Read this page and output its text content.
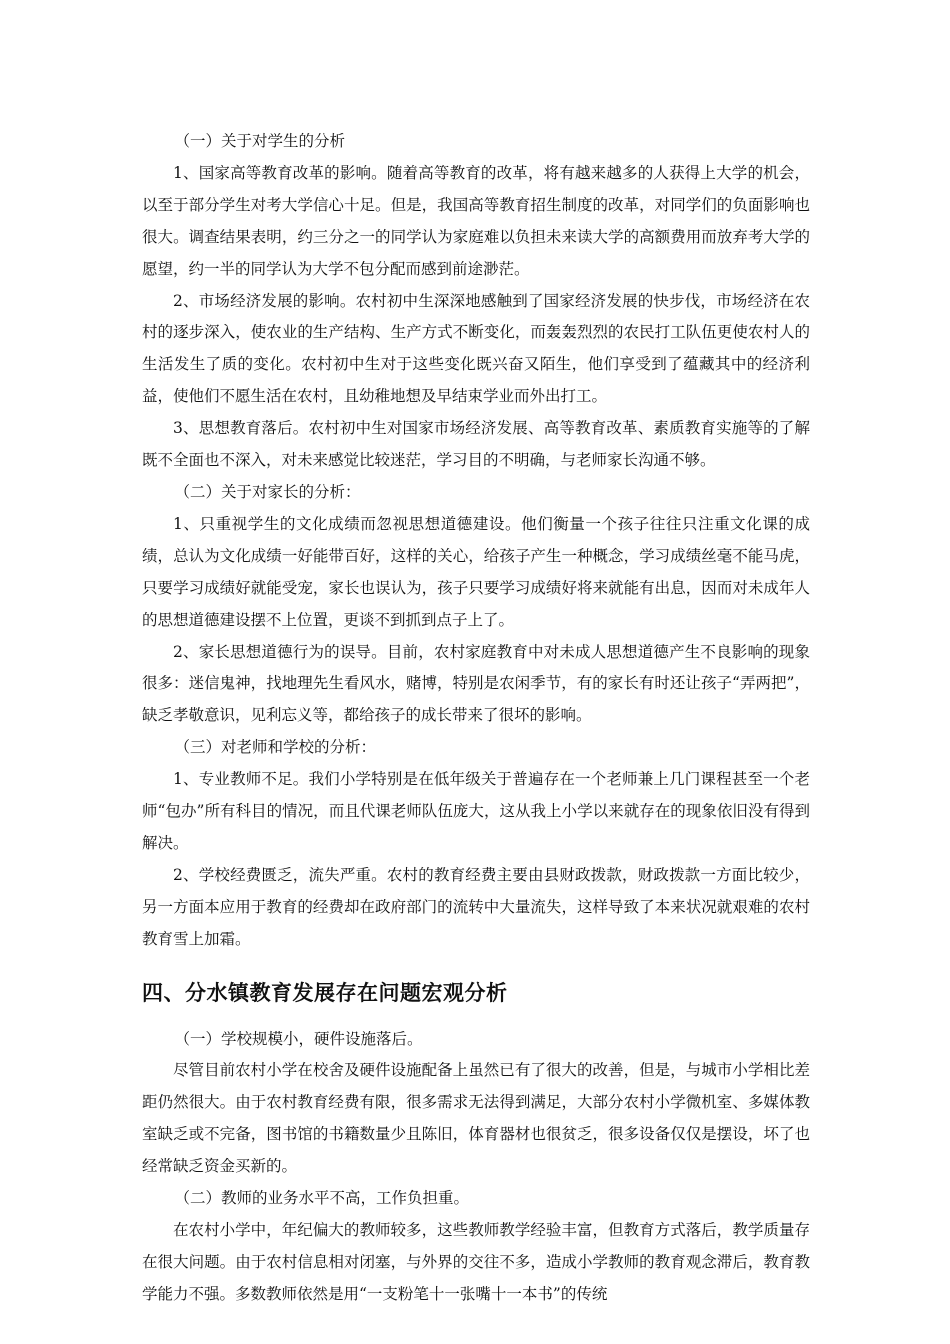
（一）关于对学生的分析

1、国家高等教育改革的影响。随着高等教育的改革，将有越来越多的人获得上大学的机会，以至于部分学生对考大学信心十足。但是，我国高等教育招生制度的改革，对同学们的负面影响也很大。调查结果表明，约三分之一的同学认为家庭难以负担未来读大学的高额费用而放弃考大学的愿望，约一半的同学认为大学不包分配而感到前途渺茫。

2、市场经济发展的影响。农村初中生深深地感触到了国家经济发展的快步伐，市场经济在农村的逐步深入，使农业的生产结构、生产方式不断变化，而轰轰烈烈的农民打工队伍更使农村人的生活发生了质的变化。农村初中生对于这些变化既兴奋又陌生，他们享受到了蕴藏其中的经济利益，使他们不愿生活在农村，且幼稚地想及早结束学业而外出打工。

3、思想教育落后。农村初中生对国家市场经济发展、高等教育改革、素质教育实施等的了解既不全面也不深入，对未来感觉比较迷茫，学习目的不明确，与老师家长沟通不够。

（二）关于对家长的分析：

1、只重视学生的文化成绩而忽视思想道德建设。他们衡量一个孩子往往只注重文化课的成绩，总认为文化成绩一好能带百好，这样的关心，给孩子产生一种概念，学习成绩丝毫不能马虎，只要学习成绩好就能受宠，家长也误认为，孩子只要学习成绩好将来就能有出息，因而对未成年人的思想道德建设摆不上位置，更谈不到抓到点子上了。

2、家长思想道德行为的误导。目前，农村家庭教育中对未成人思想道德产生不良影响的现象很多：迷信鬼神，找地理先生看风水，赌博，特别是农闲季节，有的家长有时还让孩子“弄两把”，缺乏孝敬意识，见利忘义等，都给孩子的成长带来了很坏的影响。

（三）对老师和学校的分析：

1、专业教师不足。我们小学特别是在低年级关于普遍存在一个老师兼上几门课程甚至一个老师“包办”所有科目的情况，而且代课老师队伍庞大，这从我上小学以来就存在的现象依旧没有得到解决。

2、学校经费匮乏，流失严重。农村的教育经费主要由县财政拨款，财政拨款一方面比较少，另一方面本应用于教育的经费却在政府部门的流转中大量流失，这样导致了本来状况就艰难的农村教育雪上加霜。

四、分水镇教育发展存在问题宏观分析

（一）学校规模小，硬件设施落后。

尽管目前农村小学在校舍及硬件设施配备上虽然已有了很大的改善，但是，与城市小学相比差距仍然很大。由于农村教育经费有限，很多需求无法得到满足，大部分农村小学微机室、多媒体教室缺乏或不完备，图书馆的书籍数量少且陈旧，体育器材也很贫乏，很多设备仅仅是摆设，坏了也经常缺乏资金买新的。

（二）教师的业务水平不高，工作负担重。

在农村小学中，年纪偏大的教师较多，这些教师教学经验丰富，但教育方式落后，教学质量存在很大问题。由于农村信息相对闭塞，与外界的交往不多，造成小学教师的教育观念滞后，教育教学能力不强。多数教师依然是用“一支粉笔十一张嘴十一本书”的传统
